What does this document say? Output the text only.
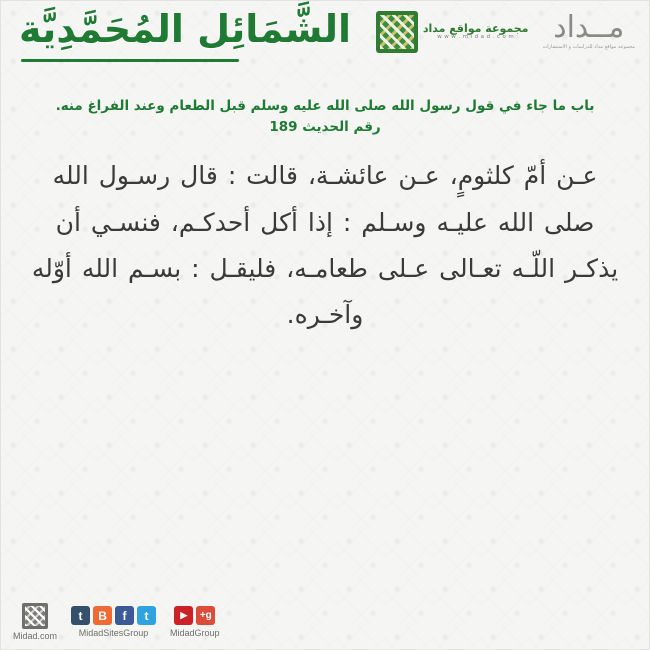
مجموعة مواقع مداد
w w w . m i d a d . c o m	مــداد
مجموعة مواقع مداد للدراسات و الاستشارات
الشَّمَائِل المُحَمَّدِيَّة
باب ما جاء في قول رسول الله صلى الله عليه وسلم قبل الطعام وعند الفراغ منه.
رقم الحديث 189
عـن أمّ كلثومٍ، عـن عائشـة، قالت : قال رسـول الله صلى الله عليـه وسـلم : إذا أكل أحدكـم، فنسـي أن يذكـر اللّـه تعـالى عـلى طعامـه، فليقـل : بسـم الله أوّله وآخـره.
Midad.com
t
f
B
t
MidadSitesGroup
g+
▶
MidadGroup
